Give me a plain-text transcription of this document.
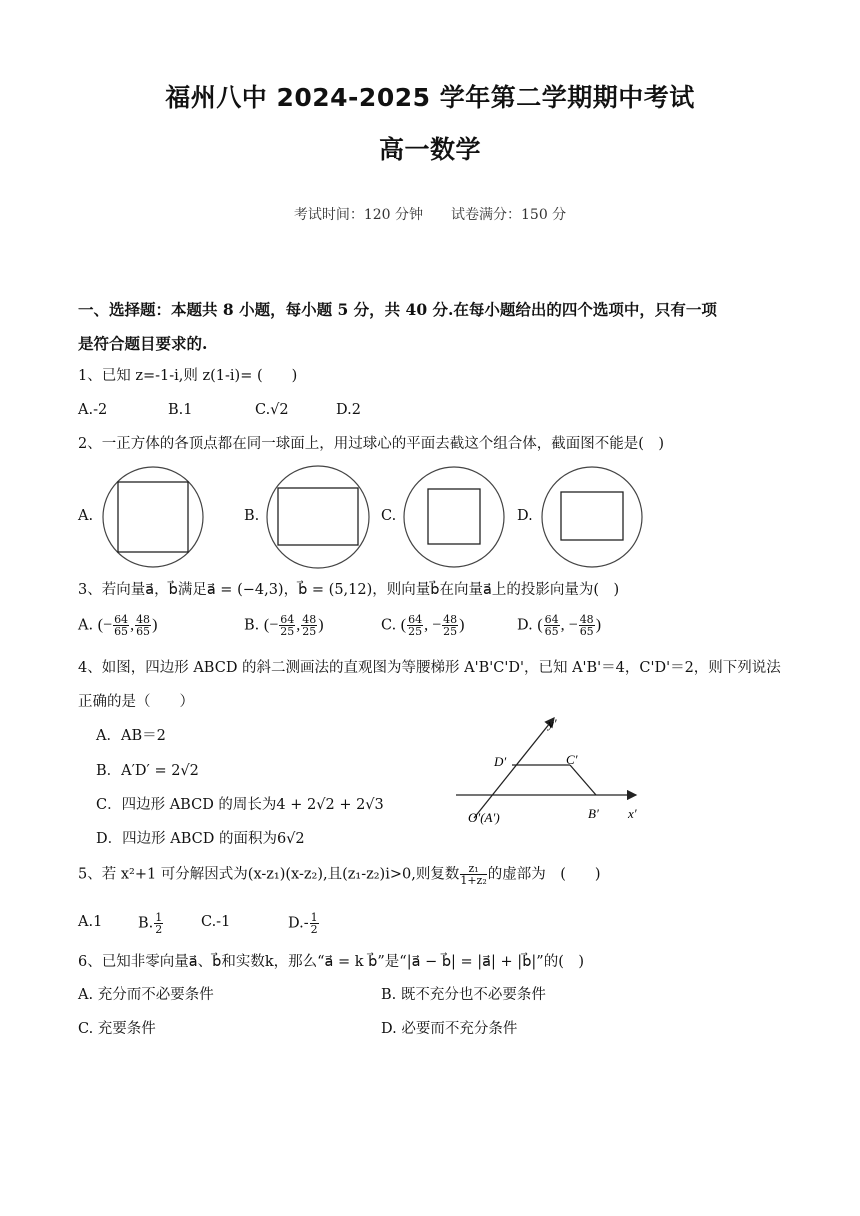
福州八中 2024-2025 学年第二学期期中考试
高一数学
考试时间：120 分钟　　试卷满分：150 分
一、选择题：本题共 8 小题，每小题 5 分，共 40 分.在每小题给出的四个选项中，只有一项
是符合题目要求的.
1、已知 z=-1-i,则 z(1-i)= (　　)
A.-2	B.1	C.√2	D.2
2、一正方体的各顶点都在同一球面上，用过球心的平面去截这个组合体，截面图不能是(　)
A.	B.	C.	D.
3、若向量a⃗，b⃗满足a⃗ = (−4,3)，b⃗ = (5,12)，则向量b⃗在向量a⃗上的投影向量为(　)
A. (− $\frac{64}{65}$ , $\frac{48}{65}$ )	B. (− $\frac{64}{25}$ , $\frac{48}{25}$ )	C. ( $\frac{64}{25}$ , − $\frac{48}{25}$ )	D. ( $\frac{64}{65}$ , − $\frac{48}{65}$ )
4、如图，四边形 ABCD 的斜二测画法的直观图为等腰梯形 A'B'C'D'，已知 A'B'＝4，C'D'＝2，则下列说法
正确的是（　　）
A．AB＝2
B．A′D′ = 2√2
C．四边形 ABCD 的周长为4 + 2√2 + 2√3
D．四边形 ABCD 的面积为6√2
y′
x′
D′	C′
B′
O′(A′)
5、若 x²+1 可分解因式为(x-z₁)(x-z₂),且(z₁-z₂)i>0,则复数 $\frac{\text{z₁}}{\text{1+z₂}}$ 的虚部为　(　　)
A.1 B. $\frac{1}{2}$	C.-1	$D.- \frac{1}{2}$
6、已知非零向量a⃗、b⃗和实数k，那么“a⃗ = k b⃗”是“|a⃗ − b⃗| = |a⃗| + |b⃗|”的(　)
A. 充分而不必要条件	B. 既不充分也不必要条件
C. 充要条件	D. 必要而不充分条件
